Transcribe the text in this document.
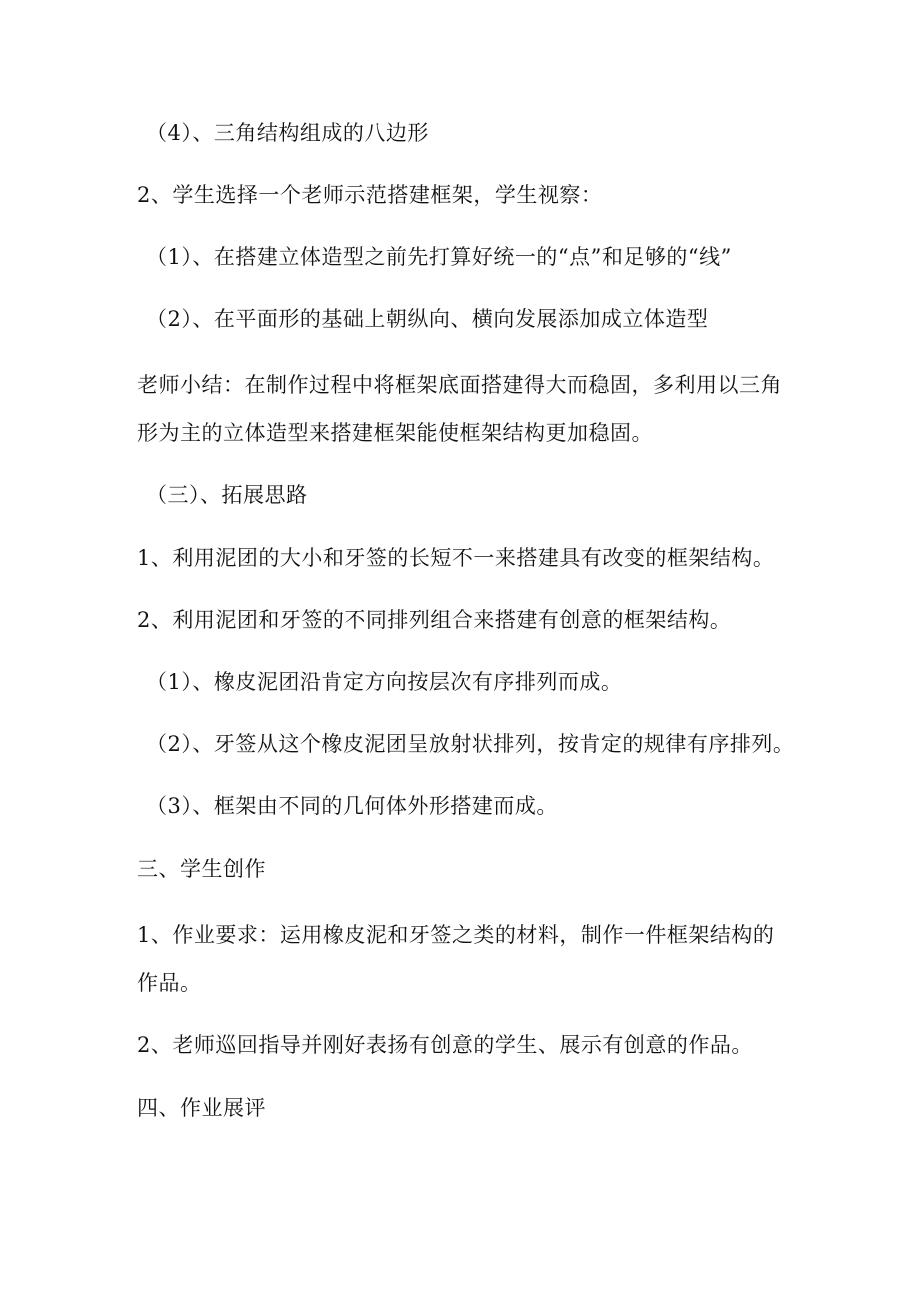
（4）、三角结构组成的八边形
2、学生选择一个老师示范搭建框架，学生视察：
（1）、在搭建立体造型之前先打算好统一的“点”和足够的“线”
（2）、在平面形的基础上朝纵向、横向发展添加成立体造型
老师小结：在制作过程中将框架底面搭建得大而稳固，多利用以三角形为主的立体造型来搭建框架能使框架结构更加稳固。
（三）、拓展思路
1、利用泥团的大小和牙签的长短不一来搭建具有改变的框架结构。
2、利用泥团和牙签的不同排列组合来搭建有创意的框架结构。
（1）、橡皮泥团沿肯定方向按层次有序排列而成。
（2）、牙签从这个橡皮泥团呈放射状排列，按肯定的规律有序排列。
（3）、框架由不同的几何体外形搭建而成。
三、学生创作
1、作业要求：运用橡皮泥和牙签之类的材料，制作一件框架结构的作品。
2、老师巡回指导并刚好表扬有创意的学生、展示有创意的作品。
四、作业展评
